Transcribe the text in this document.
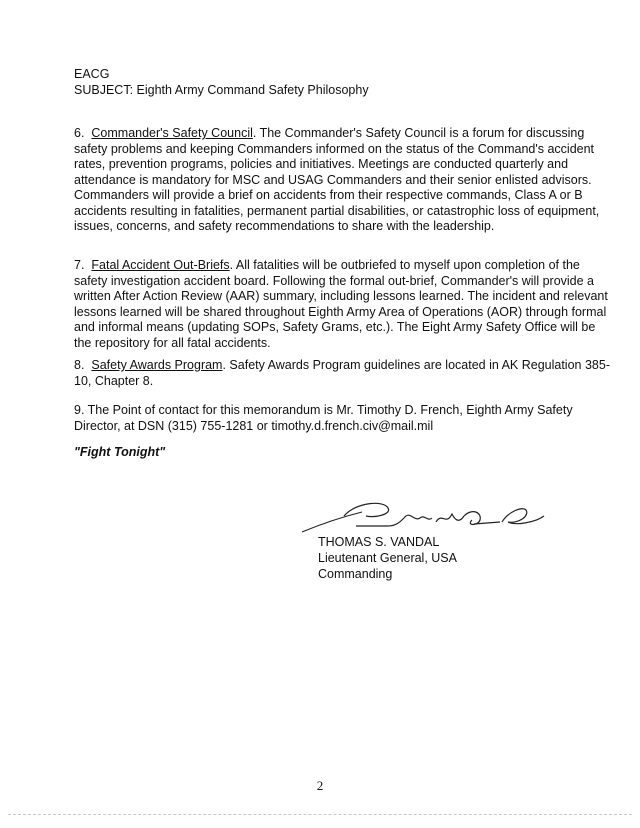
EACG
SUBJECT: Eighth Army Command Safety Philosophy
6. Commander's Safety Council. The Commander's Safety Council is a forum for discussing safety problems and keeping Commanders informed on the status of the Command's accident rates, prevention programs, policies and initiatives. Meetings are conducted quarterly and attendance is mandatory for MSC and USAG Commanders and their senior enlisted advisors. Commanders will provide a brief on accidents from their respective commands, Class A or B accidents resulting in fatalities, permanent partial disabilities, or catastrophic loss of equipment, issues, concerns, and safety recommendations to share with the leadership.
7. Fatal Accident Out-Briefs. All fatalities will be outbriefed to myself upon completion of the safety investigation accident board. Following the formal out-brief, Commander's will provide a written After Action Review (AAR) summary, including lessons learned. The incident and relevant lessons learned will be shared throughout Eighth Army Area of Operations (AOR) through formal and informal means (updating SOPs, Safety Grams, etc.). The Eight Army Safety Office will be the repository for all fatal accidents.
8. Safety Awards Program. Safety Awards Program guidelines are located in AK Regulation 385-10, Chapter 8.
9. The Point of contact for this memorandum is Mr. Timothy D. French, Eighth Army Safety Director, at DSN (315) 755-1281 or timothy.d.french.civ@mail.mil
"Fight Tonight"
THOMAS S. VANDAL
Lieutenant General, USA
Commanding
2
